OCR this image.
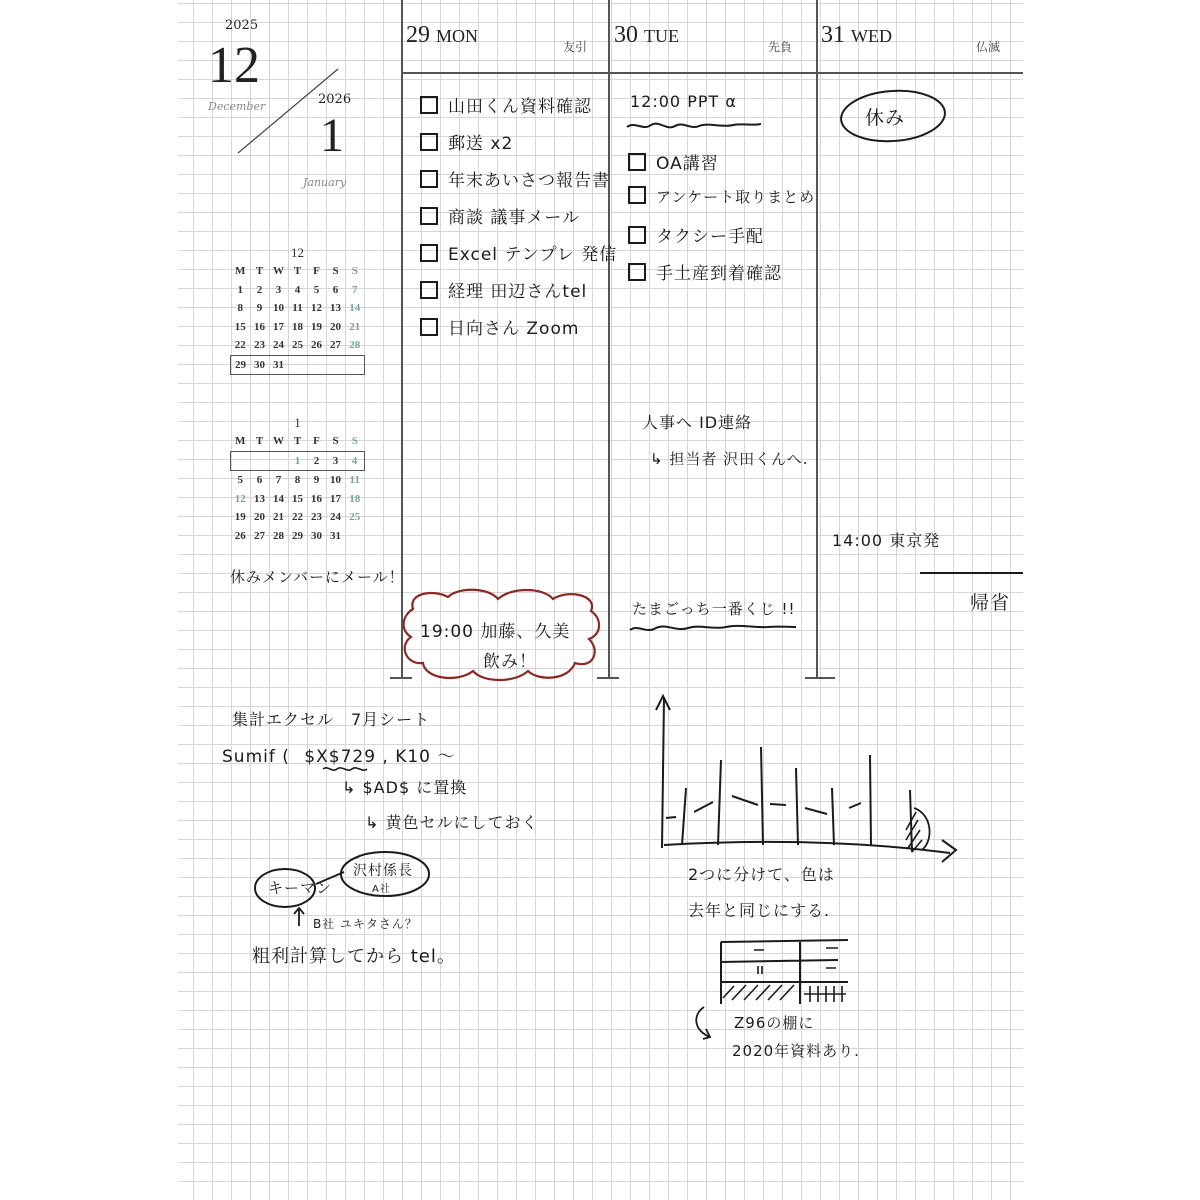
2025
12
December	2026
1
January
12
M	T	W	T	F	S	S
1	2	3	4	5	6	7
8	9	10	11	12	13	14
15	16	17	18	19	20	21
22	23	24	25	26	27	28
29	30	31				
1
M	T	W	T	F	S	S
			1	2	3	4
5	6	7	8	9	10	11
12	13	14	15	16	17	18
19	20	21	22	23	24	25
26	27	28	29	30	31	
29 MON
友引 30 TUE
先負 31 WED
仏滅
山田くん資料確認
郵送 x2
年末あいさつ報告書
商談 議事メール
Excel テンプレ 発信
経理 田辺さんtel
日向さん Zoom
19:00 加藤、久美
飲み！
12:00 PPT α
OA講習
アンケート取りまとめ
タクシー手配
手土産到着確認
人事へ ID連絡
↳ 担当者 沢田くんへ.
たまごっち一番くじ !!
休み
14:00 東京発
帰省
休みメンバーにメール！
集計エクセル　7月シート
Sumif ( $X$729 , K10 ～
↳ $AD$ に置換
↳ 黄色セルにしておく
キーマン
沢村係長
A社
B社 ユキタさん？
粗利計算してから tel。
2つに分けて、色は
去年と同じにする.
Z96の棚に
2020年資料あり.
